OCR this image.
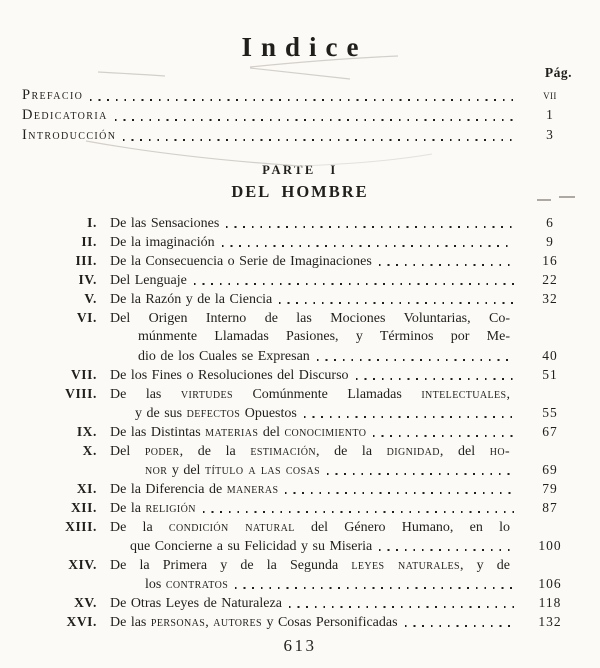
Indice
Pág.
Prefacio	vii
Dedicatoria	1
Introducción	3
PARTE I
DEL HOMBRE
I. De las Sensaciones	6
II. De la imaginación	9
III. De la Consecuencia o Serie de Imaginaciones	16
IV. Del Lenguaje	22
V. De la Razón y de la Ciencia	32
VI. Del Origen Interno de las Mociones Voluntarias, Co-
múnmente Llamadas Pasiones, y Términos por Me-
dio de los Cuales se Expresan	40
VII. De los Fines o Resoluciones del Discurso	51
VIII. De las virtudes Comúnmente Llamadas intelectuales,
y de sus defectos Opuestos	55
IX. De las Distintas materias del conocimiento	67
X. Del poder, de la estimación, de la dignidad, del ho-
nor y del título a las cosas	69
XI. De la Diferencia de maneras	79
XII. De la religión	87
XIII. De la condición natural del Género Humano, en lo
que Concierne a su Felicidad y su Miseria	100
XIV. De la Primera y de la Segunda leyes naturales, y de
los contratos	106
XV. De Otras Leyes de Naturaleza	118
XVI. De las personas, autores y Cosas Personificadas	132
613
